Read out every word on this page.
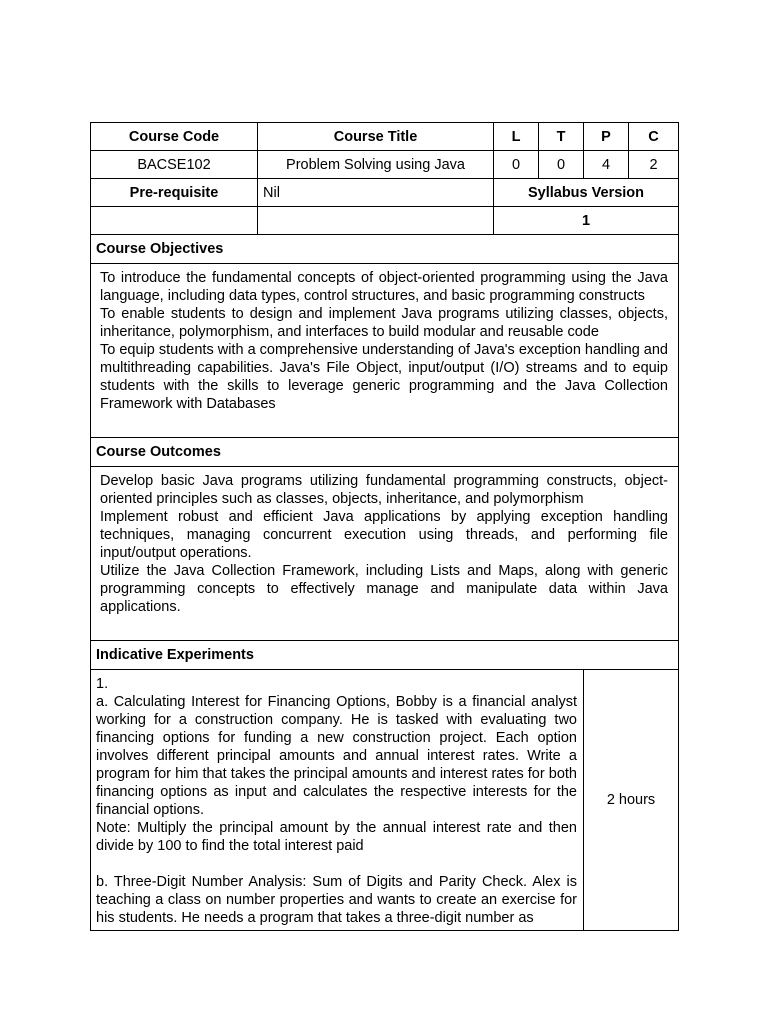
Course Code	Course Title	L	T	P	C
BACSE102	Problem Solving using Java	0	0	4	2
Pre-requisite	Nil	Syllabus Version			
		1			
Course Objectives					

To introduce the fundamental concepts of object-oriented programming using the Java language, including data types, control structures, and basic programming constructs

To enable students to design and implement Java programs utilizing classes, objects, inheritance, polymorphism, and interfaces to build modular and reusable code

To equip students with a comprehensive understanding of Java's exception handling and multithreading capabilities. Java's File Object, input/output (I/O) streams and to equip students with the skills to leverage generic programming and the Java Collection Framework with Databases					

Course Outcomes					

Develop basic Java programs utilizing fundamental programming constructs, object-oriented principles such as classes, objects, inheritance, and polymorphism

Implement robust and efficient Java applications by applying exception handling techniques, managing concurrent execution using threads, and performing file input/output operations.

Utilize the Java Collection Framework, including Lists and Maps, along with generic programming concepts to effectively manage and manipulate data within Java applications.					

Indicative Experiments					

1.

a. Calculating Interest for Financing Options, Bobby is a financial analyst working for a construction company. He is tasked with evaluating two financing options for funding a new construction project. Each option involves different principal amounts and annual interest rates. Write a program for him that takes the principal amounts and interest rates for both financing options as input and calculates the respective interests for the financial options.

Note: Multiply the principal amount by the annual interest rate and then divide by 100 to find the total interest paid

b. Three-Digit Number Analysis: Sum of Digits and Parity Check. Alex is teaching a class on number properties and wants to create an exercise for his students. He needs a program that takes a three-digit number as				2 hours	
